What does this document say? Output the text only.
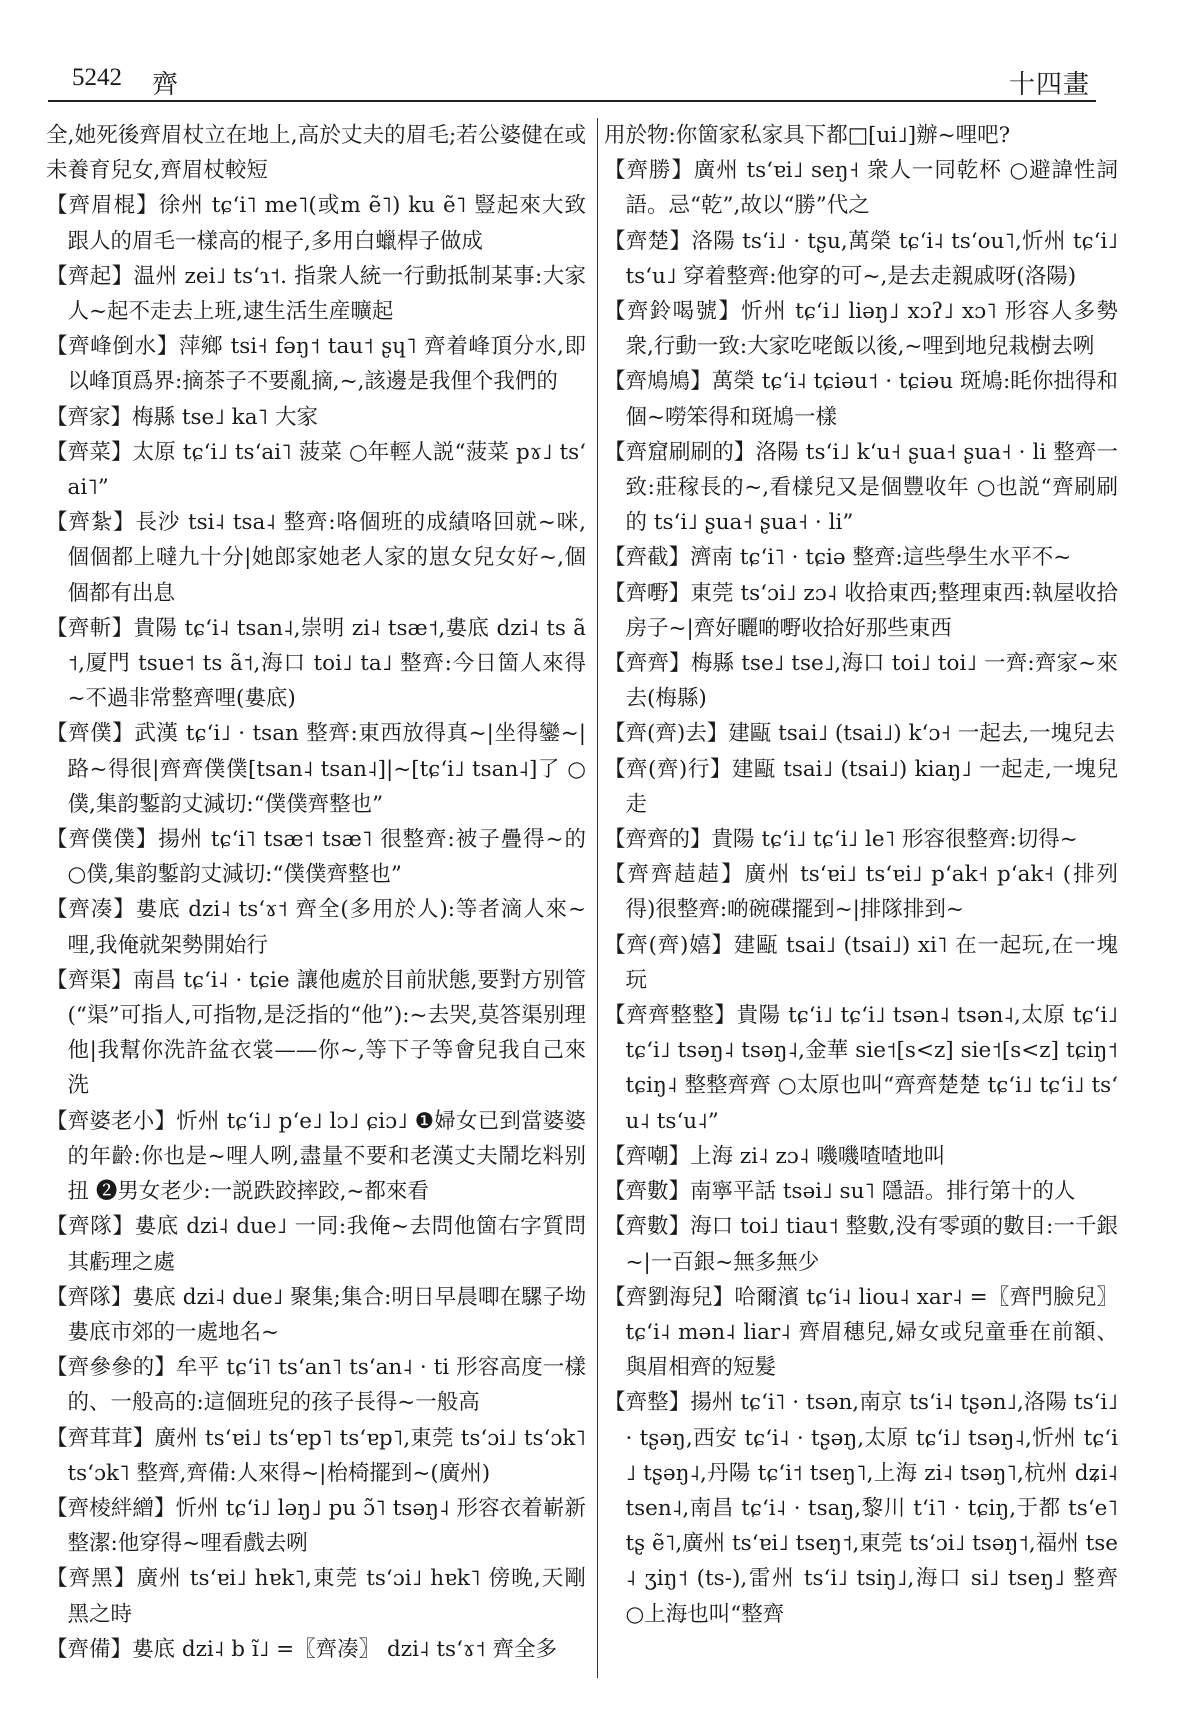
5242 齊	十四畫

全,她死後齊眉杖立在地上,高於丈夫的眉毛;若公婆健在或未養育兒女,齊眉杖較短

【齊眉棍】徐州 tɕʻi˥ me˥(或m ẽ˥) ku ẽ˥ 豎起來大致跟人的眉毛一樣高的棍子,多用白蠟桿子做成

【齊起】温州 zei˩ tsʻɿ˦. 指衆人統一行動抵制某事:大家人~起不走去上班,逮生活生産曠起

【齊峰倒水】萍鄉 tsi˧ fəŋ˦ tau˦ ʂɥ˥ 齊着峰頂分水,即以峰頂爲界:摘茶子不要亂摘,~,該邊是我俚个我們的

【齊家】梅縣 tse˩ ka˥ 大家

【齊菜】太原 tɕʻi˩ tsʻai˥ 菠菜 ○年輕人説“菠菜 pɤ˩ tsʻai˥”

【齊紮】長沙 tsi˨ tsa˨ 整齊:咯個班的成績咯回就~咪,個個都上噠九十分|她郎家她老人家的崽女兒女好~,個個都有出息

【齊斬】貴陽 tɕʻi˨ tsan˨,崇明 zi˨ tsæ˦,婁底 dzi˨ ts ã˦,厦門 tsue˦ ts ã˦,海口 toi˩ ta˩ 整齊:今日箇人來得~不過非常整齊哩(婁底)

【齊僕】武漢 tɕʻi˩ · tsan 整齊:東西放得真~|坐得鑾~|路~得很|齊齊僕僕[tsan˨ tsan˨]|~[tɕʻi˩ tsan˨]了 ○僕,集韵鏨韵丈減切:“僕僕齊整也”

【齊僕僕】揚州 tɕʻi˥ tsæ˦ tsæ˥ 很整齊:被子疊得~的 ○僕,集韵鏨韵丈減切:“僕僕齊整也”

【齊凑】婁底 dzi˨ tsʻɤ˦ 齊全(多用於人):等者滴人來~哩,我俺就架勢開始行

【齊渠】南昌 tɕʻi˨ · tɕie 讓他處於目前狀態,要對方别管(“渠”可指人,可指物,是泛指的“他”):~去哭,莫答渠别理他|我幫你洗許盆衣裳——你~,等下子等會兒我自己來洗

【齊婆老小】忻州 tɕʻi˩ pʻe˩ lɔ˩ ɕiɔ˩ ❶婦女已到當婆婆的年齡:你也是~哩人咧,盡量不要和老漢丈夫鬧圪料别扭 ❷男女老少:一説跌跤摔跤,~都來看

【齊隊】婁底 dzi˨ due˩ 一同:我俺~去問他箇右字質問其虧理之處

【齊隊】婁底 dzi˨ due˩ 聚集;集合:明日早晨唧在騾子坳婁底市郊的一處地名~

【齊參參的】牟平 tɕʻi˥ tsʻan˥ tsʻan˨ · ti 形容高度一樣的、一般高的:這個班兒的孩子長得~一般高

【齊茸茸】廣州 tsʻɐi˩ tsʻɐp˥ tsʻɐp˥,東莞 tsʻɔi˩ tsʻɔk˥ tsʻɔk˥ 整齊,齊備:人來得~|枱椅擺到~(廣州)

【齊棱絆繒】忻州 tɕʻi˩ ləŋ˩ pu ɔ̃˥ tsəŋ˨ 形容衣着嶄新整潔:他穿得~哩看戲去咧

【齊黑】廣州 tsʻɐi˩ hɐk˥,東莞 tsʻɔi˩ hɐk˥ 傍晚,天剛黑之時

【齊備】婁底 dzi˨ b ĩ˩ =〖齊凑〗 dzi˨ tsʻɤ˦ 齊全多

用於物:你箇家私家具下都□[ui˩]辦~哩吧?

【齊勝】廣州 tsʻɐi˩ seŋ˧ 衆人一同乾杯 ○避諱性詞語。忌“乾”,故以“勝”代之

【齊楚】洛陽 tsʻi˩ · tʂu,萬榮 tɕʻi˨ tsʻou˥,忻州 tɕʻi˩ tsʻu˩ 穿着整齊:他穿的可~,是去走親戚呀(洛陽)

【齊鈴喝號】忻州 tɕʻi˩ liəŋ˩ xɔʔ˩ xɔ˥ 形容人多勢衆,行動一致:大家吃咾飯以後,~哩到地兒栽樹去咧

【齊鳩鳩】萬榮 tɕʻi˨ tɕiəu˦ · tɕiəu 斑鳩:眊你拙得和個~嘮笨得和斑鳩一樣

【齊窟刷刷的】洛陽 tsʻi˩ kʻu˧ ʂua˧ ʂua˧ · li 整齊一致:莊稼長的~,看樣兒又是個豐收年 ○也説“齊刷刷的 tsʻi˩ ʂua˧ ʂua˧ · li”

【齊截】濟南 tɕʻi˥ · tɕiə 整齊:這些學生水平不~

【齊嘢】東莞 tsʻɔi˩ zɔ˨ 收拾東西;整理東西:執屋收拾房子~|齊好曬啲嘢收拾好那些東西

【齊齊】梅縣 tse˩ tse˩,海口 toi˩ toi˩ 一齊:齊家~來去(梅縣)

【齊(齊)去】建甌 tsai˩ (tsai˩) kʻɔ˧ 一起去,一塊兒去

【齊(齊)行】建甌 tsai˩ (tsai˩) kiaŋ˩ 一起走,一塊兒走

【齊齊的】貴陽 tɕʻi˩ tɕʻi˩ le˥ 形容很整齊:切得~

【齊齊趌趌】廣州 tsʻɐi˩ tsʻɐi˩ pʻak˧ pʻak˧ (排列得)很整齊:啲碗碟擺到~|排隊排到~

【齊(齊)嬉】建甌 tsai˩ (tsai˩) xi˥ 在一起玩,在一塊玩

【齊齊整整】貴陽 tɕʻi˩ tɕʻi˩ tsən˨ tsən˨,太原 tɕʻi˩ tɕʻi˩ tsəŋ˨ tsəŋ˨,金華 sie˦[s<z] sie˦[s<z] tɕiŋ˦ tɕiŋ˨ 整整齊齊 ○太原也叫“齊齊楚楚 tɕʻi˩ tɕʻi˩ tsʻu˨ tsʻu˨”

【齊嘲】上海 zi˨ zɔ˨ 嘰嘰喳喳地叫

【齊數】南寧平話 tsəi˩ su˥ 隱語。排行第十的人

【齊數】海口 toi˩ tiau˦ 整數,没有零頭的數目:一千銀~|一百銀~無多無少

【齊劉海兒】哈爾濱 tɕʻi˨ liou˨ xar˨ =〖齊門臉兒〗 tɕʻi˨ mən˨ liar˨ 齊眉穗兒,婦女或兒童垂在前額、與眉相齊的短髮

【齊整】揚州 tɕʻi˥ · tsən,南京 tsʻi˨ tʂən˩,洛陽 tsʻi˩ · tʂəŋ,西安 tɕʻi˨ · tʂəŋ,太原 tɕʻi˩ tsəŋ˨,忻州 tɕʻi˩ tʂəŋ˨,丹陽 tɕʻi˦ tseŋ˥,上海 zi˨ tsəŋ˥,杭州 dʑi˨ tsen˨,南昌 tɕʻi˨ · tsaŋ,黎川 tʻi˥ · tɕiŋ,于都 tsʻe˥ tʂ ẽ˥,廣州 tsʻɐi˩ tseŋ˦,東莞 tsʻɔi˩ tsəŋ˦,福州 tse˨ ʒiŋ˦ (ts-),雷州 tsʻi˩ tsiŋ˩,海口 si˩ tseŋ˩ 整齊 ○上海也叫“整齊
